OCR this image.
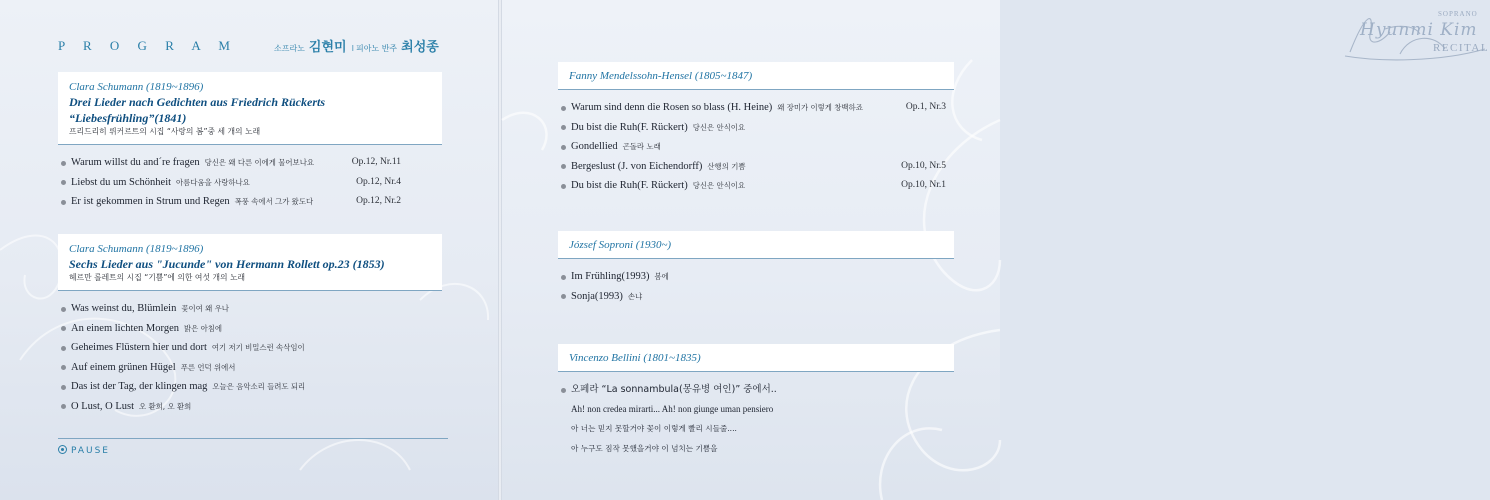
P R O G R A M	소프라노 김현미 I 피아노 반주 최성종
Clara Schumann (1819~1896)
Drei Lieder nach Gedichten aus Friedrich Rückerts “Liebesfrühling”(1841)
프리드리히 뤼커르트의 시집 “사랑의 봄”중 세 개의 노래
Warum willst du and´re fragen 당신은 왜 다른 이에게 물어보나요	Op.12, Nr.11
Liebst du um Schönheit 아름다움을 사랑하나요	Op.12, Nr.4
Er ist gekommen in Strum und Regen 폭풍 속에서 그가 왔도다	Op.12, Nr.2
Clara Schumann (1819~1896)
Sechs Lieder aus "Jucunde" von Hermann Rollett op.23 (1853)
헤르만 롤레트의 시집 “기쁨”에 의한 여섯 개의 노래
Was weinst du, Blümlein 꽃이여 왜 우나
An einem lichten Morgen 밝은 아침에
Geheimes Flüstern hier und dort 여기 저기 비밀스런 속삭임이
Auf einem grünen Hügel 푸른 언덕 위에서
Das ist der Tag, der klingen mag 오늘은 음악소리 들려도 되리
O Lust, O Lust 오 환희, 오 환희
PAUSE
Fanny Mendelssohn-Hensel (1805~1847)
Warum sind denn die Rosen so blass (H. Heine) 왜 장미가 이렇게 창백하죠	Op.1, Nr.3
Du bist die Ruh(F. Rückert) 당신은 안식이요
Gondellied 곤돌라 노래
Bergeslust (J. von Eichendorff) 산행의 기쁨	Op.10, Nr.5
Du bist die Ruh(F. Rückert) 당신은 안식이요	Op.10, Nr.1
József Soproni (1930~)
Im Frühling(1993) 봄에
Sonja(1993) 손냐
Vincenzo Bellini (1801~1835)
오페라 “La sonnambula(몽유병 여인)” 중에서..
Ah! non credea mirarti... Ah! non giunge uman pensiero
아 너는 믿지 못할거야 꽃이 이렇게 빨리 시들줄....
아 누구도 짐작 못했을거야 이 넘치는 기쁨을
SOPRANO
Hyunmi Kim
RECITAL
